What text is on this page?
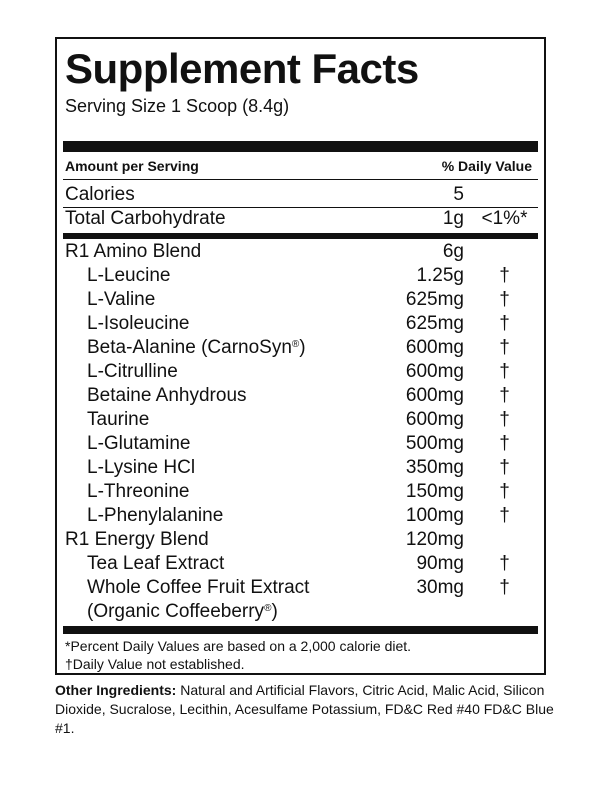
Supplement Facts
Serving Size 1 Scoop (8.4g)
Amount per Serving	% Daily Value
Calories	5
Total Carbohydrate	1g <1%*
R1 Amino Blend	6g
L-Leucine	1.25g	†
L-Valine	625mg	†
L-Isoleucine	625mg	†
Beta-Alanine (CarnoSyn®)	600mg	†
L-Citrulline	600mg	†
Betaine Anhydrous	600mg	†
Taurine	600mg	†
L-Glutamine	500mg	†
L-Lysine HCl	350mg	†
L-Threonine	150mg	†
L-Phenylalanine	100mg	†
R1 Energy Blend	120mg
Tea Leaf Extract	90mg	†
Whole Coffee Fruit Extract	30mg	†
(Organic Coffeeberry®)
*Percent Daily Values are based on a 2,000 calorie diet.
†Daily Value not established.
Other Ingredients: Natural and Artificial Flavors, Citric Acid, Malic Acid, Silicon Dioxide, Sucralose, Lecithin, Acesulfame Potassium, FD&C Red #40 FD&C Blue #1.
